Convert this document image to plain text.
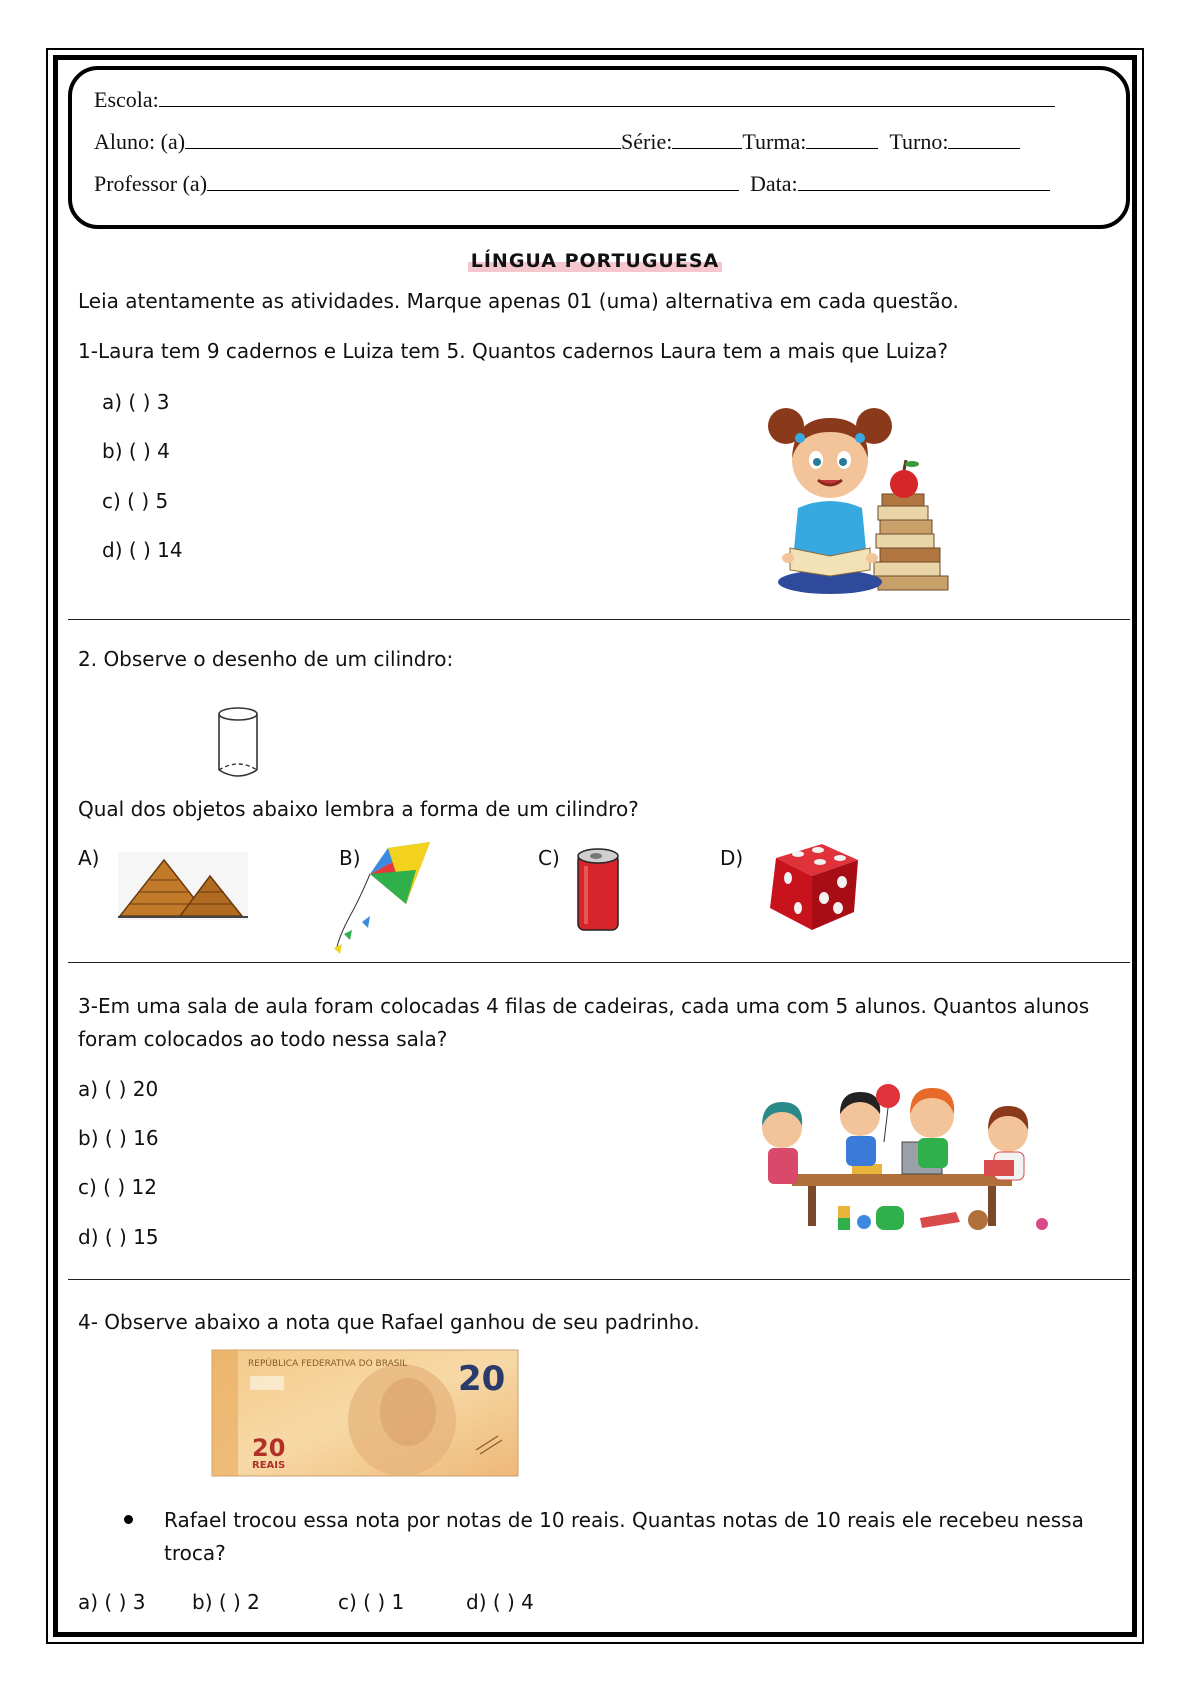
Escola:
Aluno: (a)	Série:	Turma:	Turno:
Professor (a)	Data:
LÍNGUA PORTUGUESA
Leia atentamente as atividades. Marque apenas 01 (uma) alternativa em cada questão.
1-Laura tem 9 cadernos e Luiza tem 5. Quantos cadernos Laura tem a mais que Luiza?
a) ( ) 3
b) ( ) 4
c) ( ) 5
d) ( ) 14
2. Observe o desenho de um cilindro:
Qual dos objetos abaixo lembra a forma de um cilindro?
A)	B)	C)	D)
3-Em uma sala de aula foram colocadas 4 filas de cadeiras, cada uma com 5 alunos. Quantos alunos
foram colocados ao todo nessa sala?
a) ( ) 20
b) ( ) 16
c) ( ) 12
d) ( ) 15
4- Observe abaixo a nota que Rafael ganhou de seu padrinho.
REPÚBLICA FEDERATIVA DO BRASIL 20
20
REAIS
Rafael trocou essa nota por notas de 10 reais. Quantas notas de 10 reais ele recebeu nessa
troca?
a) ( ) 3 b) ( ) 2	c) ( ) 1	d) ( ) 4
